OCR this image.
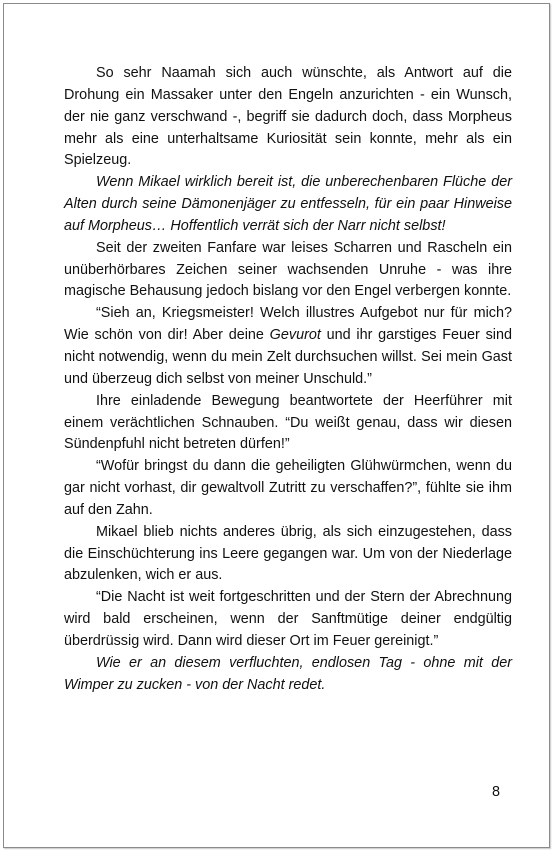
So sehr Naamah sich auch wünschte, als Antwort auf die Drohung ein Massaker unter den Engeln anzurichten - ein Wunsch, der nie ganz verschwand -, begriff sie dadurch doch, dass Morpheus mehr als eine unterhaltsame Kuriosität sein konnte, mehr als ein Spielzeug.

Wenn Mikael wirklich bereit ist, die unberechenbaren Flüche der Alten durch seine Dämonenjäger zu entfesseln, für ein paar Hinweise auf Morpheus… Hoffentlich verrät sich der Narr nicht selbst!

Seit der zweiten Fanfare war leises Scharren und Rascheln ein unüberhörbares Zeichen seiner wachsenden Unruhe - was ihre magische Behausung jedoch bislang vor den Engel verbergen konnte.

“Sieh an, Kriegsmeister! Welch illustres Aufgebot nur für mich? Wie schön von dir! Aber deine Gevurot und ihr garstiges Feuer sind nicht notwendig, wenn du mein Zelt durchsuchen willst. Sei mein Gast und überzeug dich selbst von meiner Unschuld.”

Ihre einladende Bewegung beantwortete der Heerführer mit einem verächtlichen Schnauben. “Du weißt genau, dass wir diesen Sündenpfuhl nicht betreten dürfen!”

“Wofür bringst du dann die geheiligten Glühwürmchen, wenn du gar nicht vorhast, dir gewaltvoll Zutritt zu verschaffen?”, fühlte sie ihm auf den Zahn.

Mikael blieb nichts anderes übrig, als sich einzugestehen, dass die Einschüchterung ins Leere gegangen war. Um von der Niederlage abzulenken, wich er aus.

“Die Nacht ist weit fortgeschritten und der Stern der Abrechnung wird bald erscheinen, wenn der Sanftmütige deiner endgültig überdrüssig wird. Dann wird dieser Ort im Feuer gereinigt.”

Wie er an diesem verfluchten, endlosen Tag - ohne mit der Wimper zu zucken - von der Nacht redet.

8
